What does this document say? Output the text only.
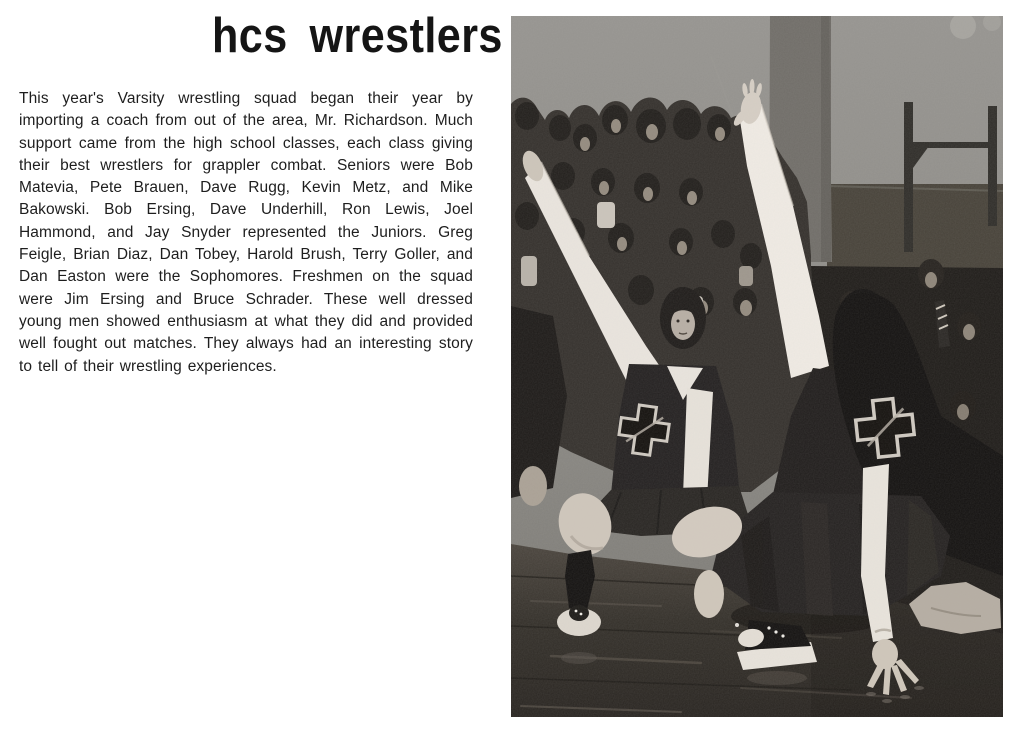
hcs wrestlers

This year's Varsity wrestling squad began their year by importing a coach from out of the area, Mr. Richardson. Much support came from the high school classes, each class giving their best wrestlers for grappler combat. Seniors were Bob Matevia, Pete Brauen, Dave Rugg, Kevin Metz, and Mike Bakowski. Bob Ersing, Dave Underhill, Ron Lewis, Joel Hammond, and Jay Snyder represented the Juniors. Greg Feigle, Brian Diaz, Dan Tobey, Harold Brush, Terry Goller, and Dan Easton were the Sophomores. Freshmen on the squad were Jim Ersing and Bruce Schrader. These well dressed young men showed enthusiasm at what they did and provided well fought out matches. They always had an interesting story to tell of their wrestling experiences.
